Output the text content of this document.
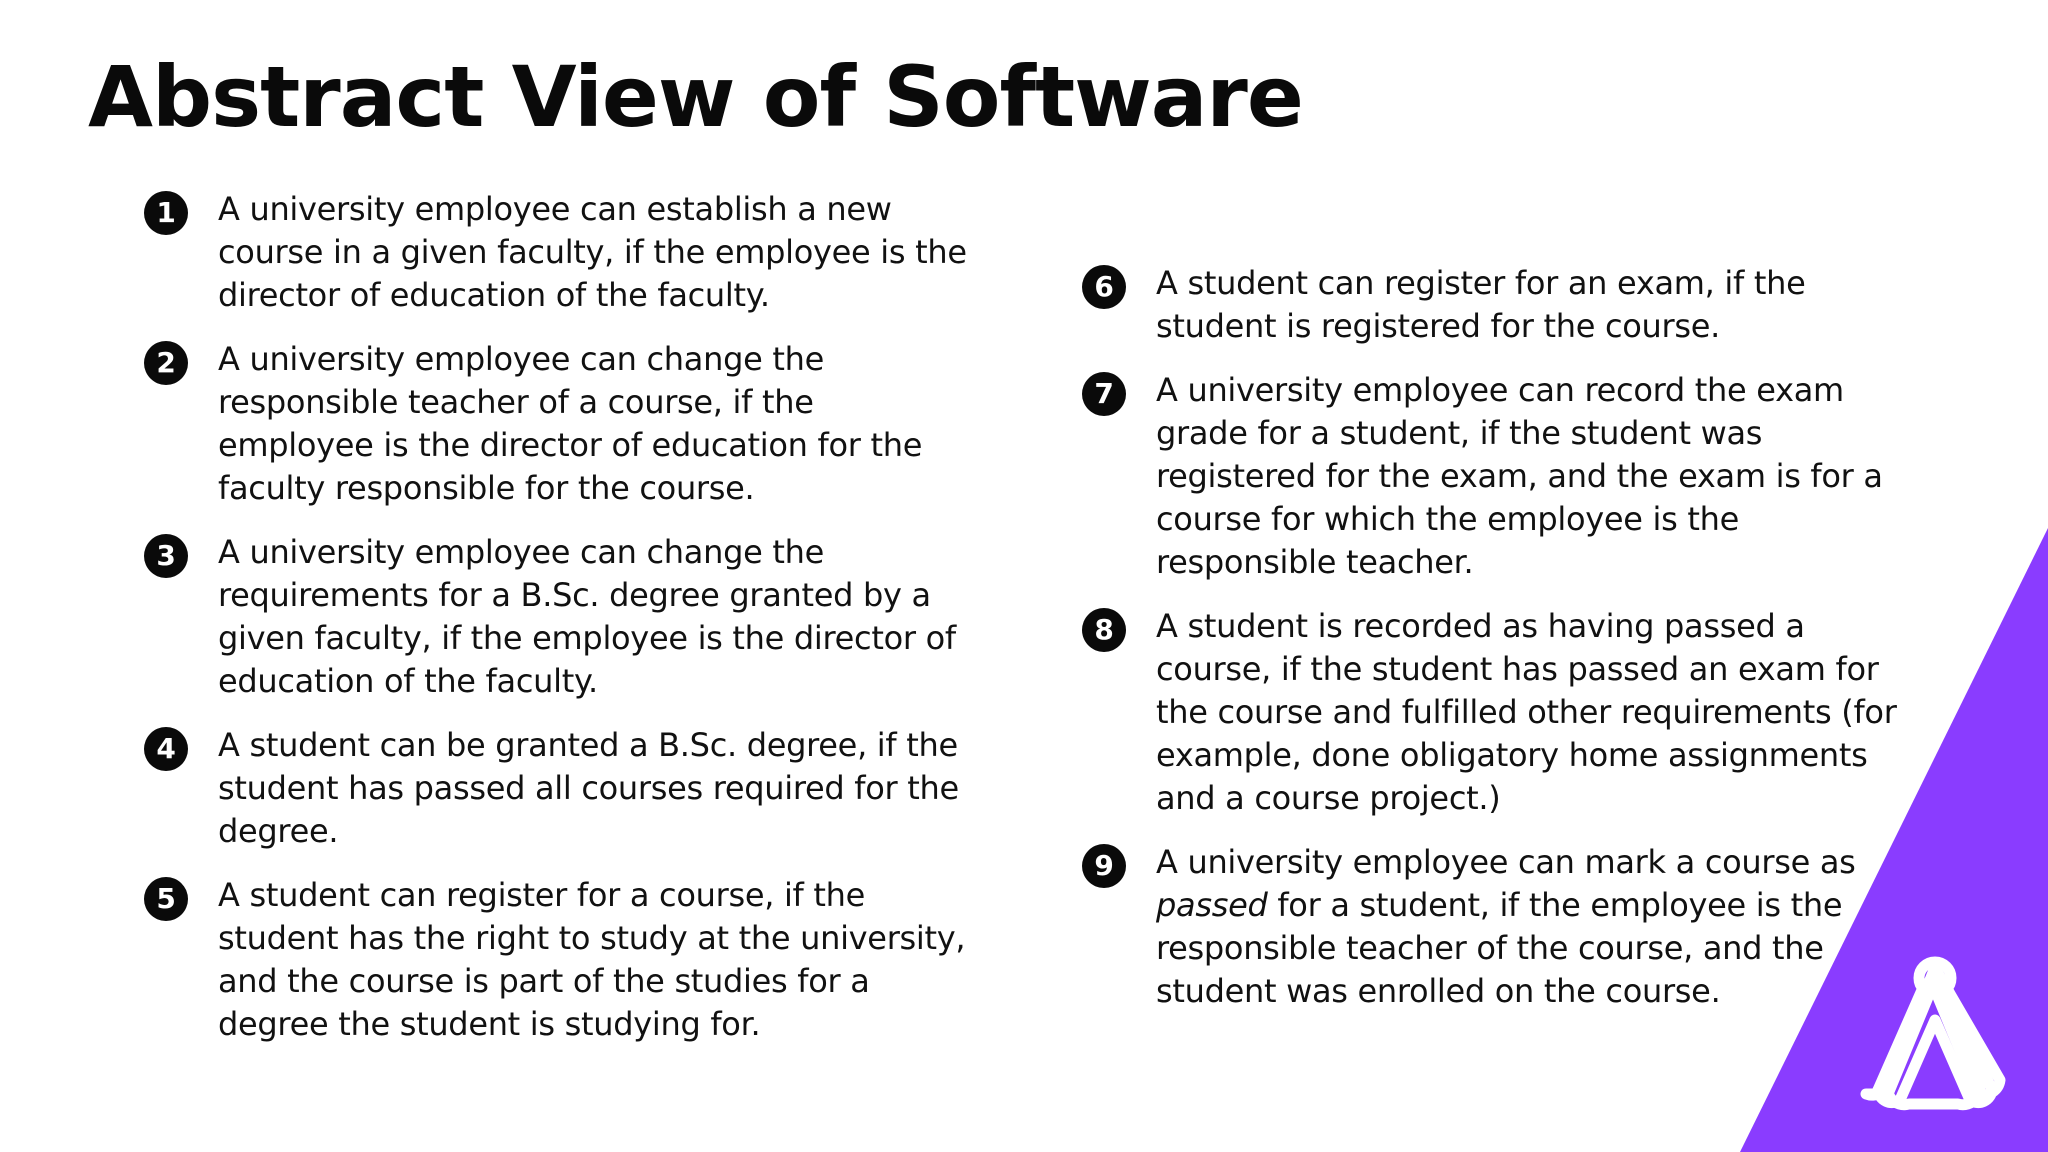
Abstract View of Software
1	A university employee can establish a new course in a given faculty, if the employee is the director of education of the faculty.
2	A university employee can change the responsible teacher of a course, if the employee is the director of education for the faculty responsible for the course.
3	A university employee can change the requirements for a B.Sc. degree granted by a given faculty, if the employee is the director of education of the faculty.
4	A student can be granted a B.Sc. degree, if the student has passed all courses required for the degree.
5	A student can register for a course, if the student has the right to study at the university, and the course is part of the studies for a degree the student is studying for.
6	A student can register for an exam, if the student is registered for the course.
7	A university employee can record the exam grade for a student, if the student was registered for the exam, and the exam is for a course for which the employee is the responsible teacher.
8	A student is recorded as having passed a course, if the student has passed an exam for the course and fulfilled other requirements (for example, done obligatory home assignments and a course project.)
9	A university employee can mark a course as passed for a student, if the employee is the responsible teacher of the course, and the student was enrolled on the course.
